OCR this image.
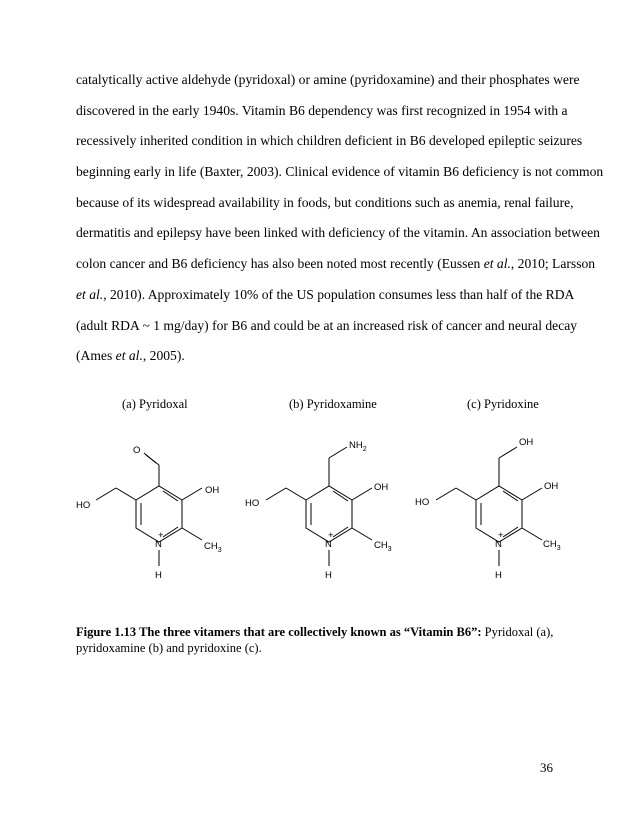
catalytically active aldehyde (pyridoxal) or amine (pyridoxamine) and their phosphates were
discovered in the early 1940s. Vitamin B6 dependency was first recognized in 1954 with a
recessively inherited condition in which children deficient in B6 developed epileptic seizures
beginning early in life (Baxter, 2003). Clinical evidence of vitamin B6 deficiency is not common
because of its widespread availability in foods, but conditions such as anemia, renal failure,
dermatitis and epilepsy have been linked with deficiency of the vitamin. An association between
colon cancer and B6 deficiency has also been noted most recently (Eussen et al., 2010; Larsson
et al., 2010). Approximately 10% of the US population consumes less than half of the RDA
(adult RDA ~ 1 mg/day) for B6 and could be at an increased risk of cancer and neural decay
(Ames et al., 2005).
(a) Pyridoxal	(b) Pyridoxamine	(c) Pyridoxine
O
OH
HO
$CH_3$
N
+
H
$NH_2$
OH
HO
$CH_3$
N
+
H
OH
OH
HO
$CH_3$
N
+
H
Figure 1.13 The three vitamers that are collectively known as “Vitamin B6”: Pyridoxal (a), pyridoxamine (b) and pyridoxine (c).
36
